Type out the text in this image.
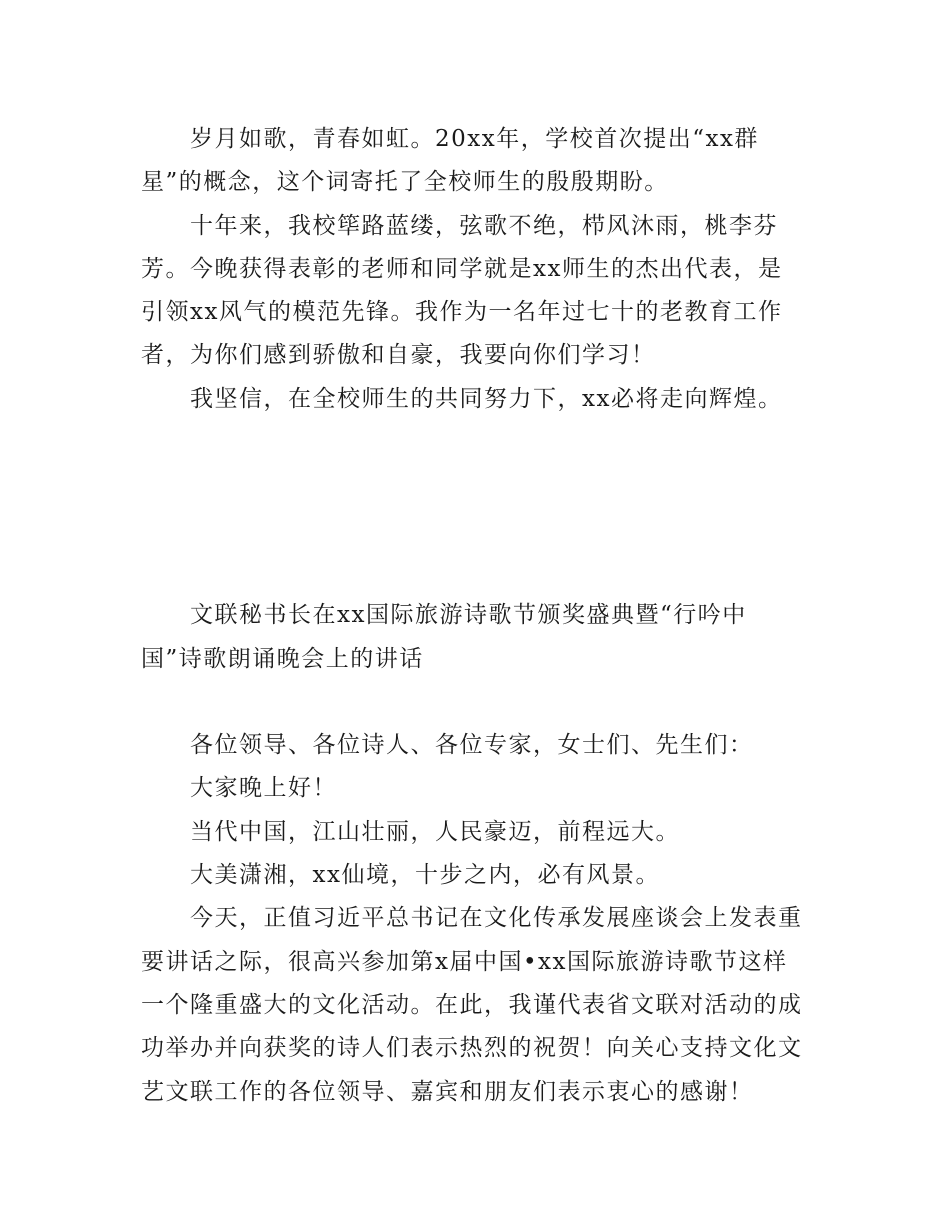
岁月如歌，青春如虹。20xx年，学校首次提出“xx群
星”的概念，这个词寄托了全校师生的殷殷期盼。
十年来，我校筚路蓝缕，弦歌不绝，栉风沐雨，桃李芬
芳。今晚获得表彰的老师和同学就是xx师生的杰出代表，是
引领xx风气的模范先锋。我作为一名年过七十的老教育工作
者，为你们感到骄傲和自豪，我要向你们学习！
我坚信，在全校师生的共同努力下，xx必将走向辉煌。
文联秘书长在xx国际旅游诗歌节颁奖盛典暨“行吟中
国”诗歌朗诵晚会上的讲话
各位领导、各位诗人、各位专家，女士们、先生们：
大家晚上好！
当代中国，江山壮丽，人民豪迈，前程远大。
大美潇湘，xx仙境，十步之内，必有风景。
今天，正值习近平总书记在文化传承发展座谈会上发表重
要讲话之际，很高兴参加第x届中国•xx国际旅游诗歌节这样
一个隆重盛大的文化活动。在此，我谨代表省文联对活动的成
功举办并向获奖的诗人们表示热烈的祝贺！向关心支持文化文
艺文联工作的各位领导、嘉宾和朋友们表示衷心的感谢！
